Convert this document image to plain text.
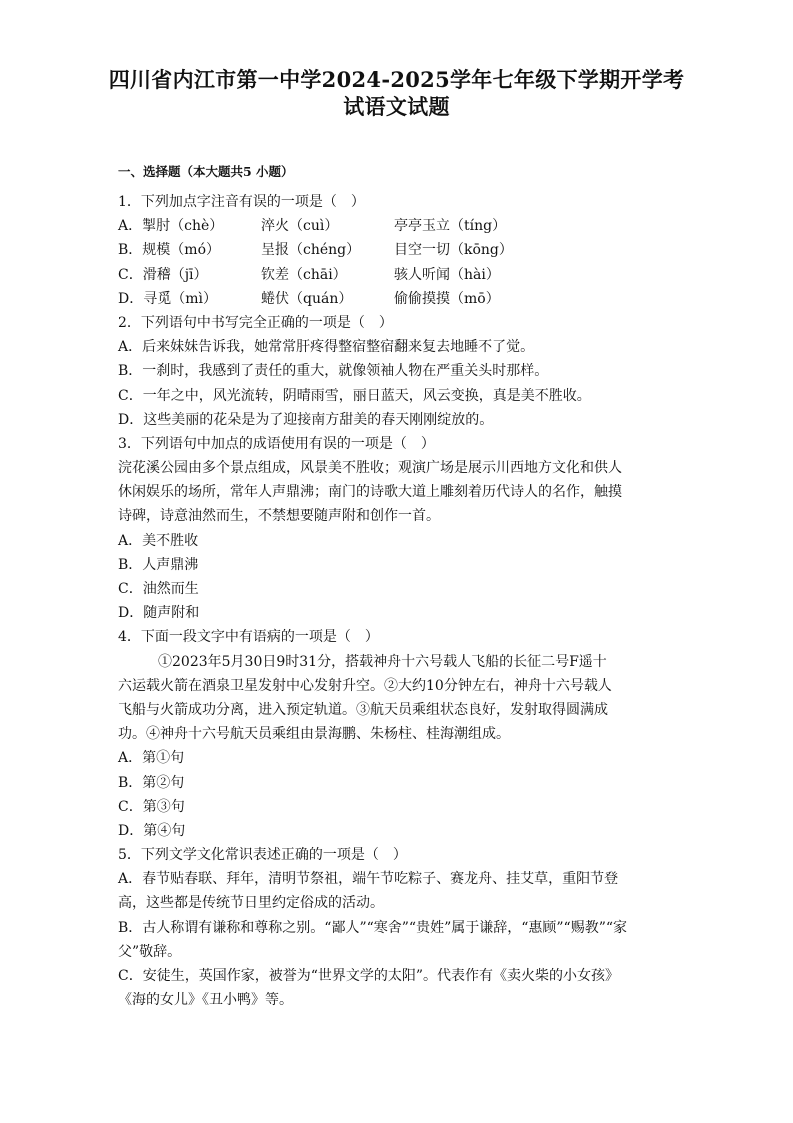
四川省内江市第一中学2024-2025学年七年级下学期开学考
试语文试题
一、选择题（本大题共5 小题）
1．下列加点字注音有误的一项是（　）
A．掣肘（chè）	淬火（cuì）	亭亭玉立（tíng）
B．规模（mó）	呈报（chéng） 目空一切（kōng）
C．滑稽（jī）	钦差（chāi）	骇人听闻（hài）
D．寻觅（mì）	蜷伏（quán）	偷偷摸摸（mō）
2．下列语句中书写完全正确的一项是（　）
A．后来妹妹告诉我，她常常肝疼得整宿整宿翻来复去地睡不了觉。
B．一刹时，我感到了责任的重大，就像领袖人物在严重关头时那样。
C．一年之中，风光流转，阴晴雨雪，丽日蓝天，风云变换，真是美不胜收。
D．这些美丽的花朵是为了迎接南方甜美的春天刚刚绽放的。
3．下列语句中加点的成语使用有误的一项是（　）
浣花溪公园由多个景点组成，风景美不胜收；观演广场是展示川西地方文化和供人
休闲娱乐的场所，常年人声鼎沸；南门的诗歌大道上雕刻着历代诗人的名作，触摸
诗碑，诗意油然而生，不禁想要随声附和创作一首。
A．美不胜收
B．人声鼎沸
C．油然而生
D．随声附和
4．下面一段文字中有语病的一项是（　）
①2023年5月30日9时31分，搭载神舟十六号载人飞船的长征二号F遥十
六运载火箭在酒泉卫星发射中心发射升空。②大约10分钟左右，神舟十六号载人
飞船与火箭成功分离，进入预定轨道。③航天员乘组状态良好，发射取得圆满成
功。④神舟十六号航天员乘组由景海鹏、朱杨柱、桂海潮组成。
A．第①句
B．第②句
C．第③句
D．第④句
5．下列文学文化常识表述正确的一项是（　）
A．春节贴春联、拜年，清明节祭祖，端午节吃粽子、赛龙舟、挂艾草，重阳节登
高，这些都是传统节日里约定俗成的活动。
B．古人称谓有谦称和尊称之别。“鄙人”“寒舍”“贵姓”属于谦辞，“惠顾”“赐教”“家
父”敬辞。
C．安徒生，英国作家，被誉为“世界文学的太阳”。代表作有《卖火柴的小女孩》
《海的女儿》《丑小鸭》等。
